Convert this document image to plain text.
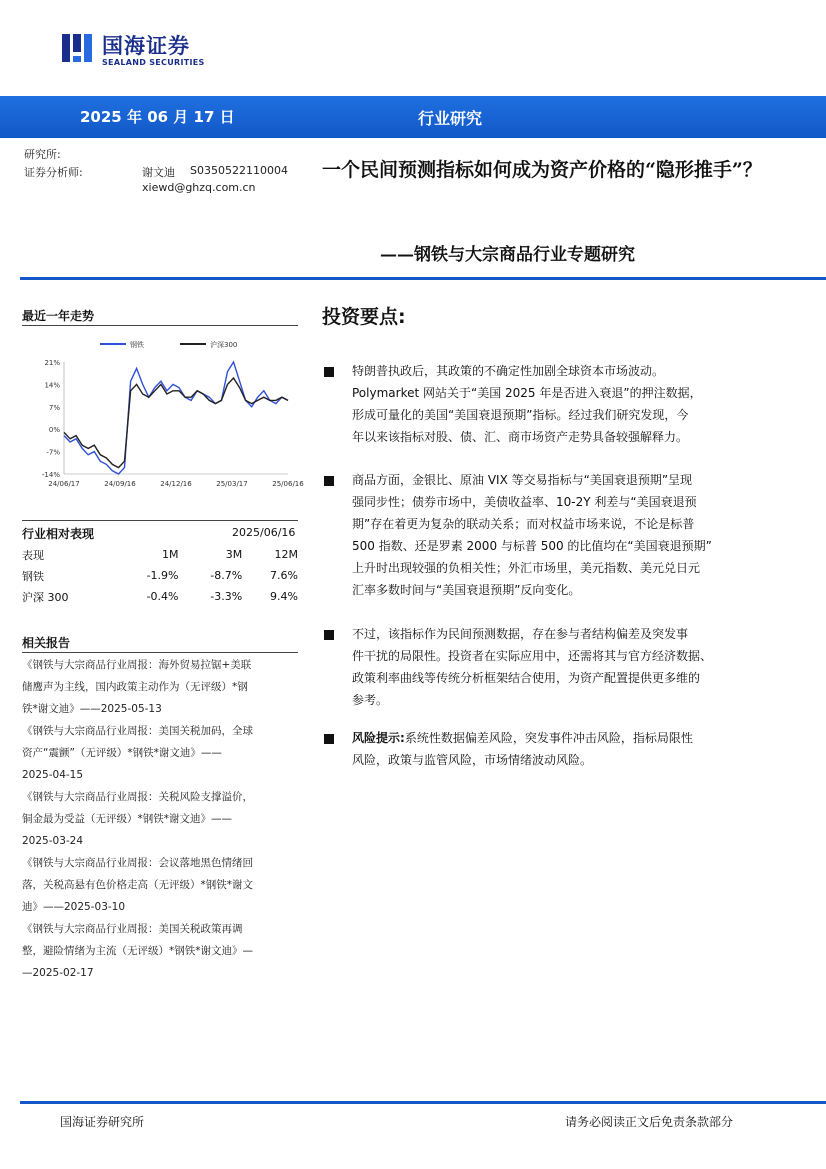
国海证券
SEALAND SECURITIES
2025 年 06 月 17 日	行业研究
研究所:
证券分析师:	谢文迪 S0350522110004
xiewd@ghzq.com.cn
一个民间预测指标如何成为资产价格的“隐形推手”？
——钢铁与大宗商品行业专题研究
最近一年走势
21%
14%
7%
0%
-7%
-14%
24/06/17	24/09/16	24/12/16	25/03/17	25/06/16
钢铁	沪深300
行业相对表现	2025/06/16
表现	1M	3M	12M
钢铁	-1.9%	-8.7%	7.6%
沪深 300	-0.4%	-3.3%	9.4%
相关报告
《钢铁与大宗商品行业周报：海外贸易拉锯+美联
储鹰声为主线，国内政策主动作为（无评级）*钢
铁*谢文迪》——2025-05-13
《钢铁与大宗商品行业周报：美国关税加码，全球
资产“震颤”（无评级）*钢铁*谢文迪》——
2025-04-15
《钢铁与大宗商品行业周报：关税风险支撑溢价，
铜金最为受益（无评级）*钢铁*谢文迪》——
2025-03-24
《钢铁与大宗商品行业周报：会议落地黑色情绪回
落，关税高悬有色价格走高（无评级）*钢铁*谢文
迪》——2025-03-10
《钢铁与大宗商品行业周报：美国关税政策再调
整，避险情绪为主流（无评级）*钢铁*谢文迪》—
—2025-02-17
投资要点:
特朗普执政后，其政策的不确定性加剧全球资本市场波动。
Polymarket 网站关于“美国 2025 年是否进入衰退”的押注数据，
形成可量化的美国“美国衰退预期”指标。经过我们研究发现，今
年以来该指标对股、债、汇、商市场资产走势具备较强解释力。
商品方面，金银比、原油 VIX 等交易指标与“美国衰退预期”呈现
强同步性；债券市场中，美债收益率、10-2Y 利差与“美国衰退预
期”存在着更为复杂的联动关系；而对权益市场来说，不论是标普
500 指数、还是罗素 2000 与标普 500 的比值均在“美国衰退预期”
上升时出现较强的负相关性；外汇市场里，美元指数、美元兑日元
汇率多数时间与“美国衰退预期”反向变化。
不过，该指标作为民间预测数据，存在参与者结构偏差及突发事
件干扰的局限性。投资者在实际应用中，还需将其与官方经济数据、
政策利率曲线等传统分析框架结合使用，为资产配置提供更多维的
参考。
风险提示:系统性数据偏差风险，突发事件冲击风险，指标局限性
风险，政策与监管风险，市场情绪波动风险。
国海证券研究所	请务必阅读正文后免责条款部分
